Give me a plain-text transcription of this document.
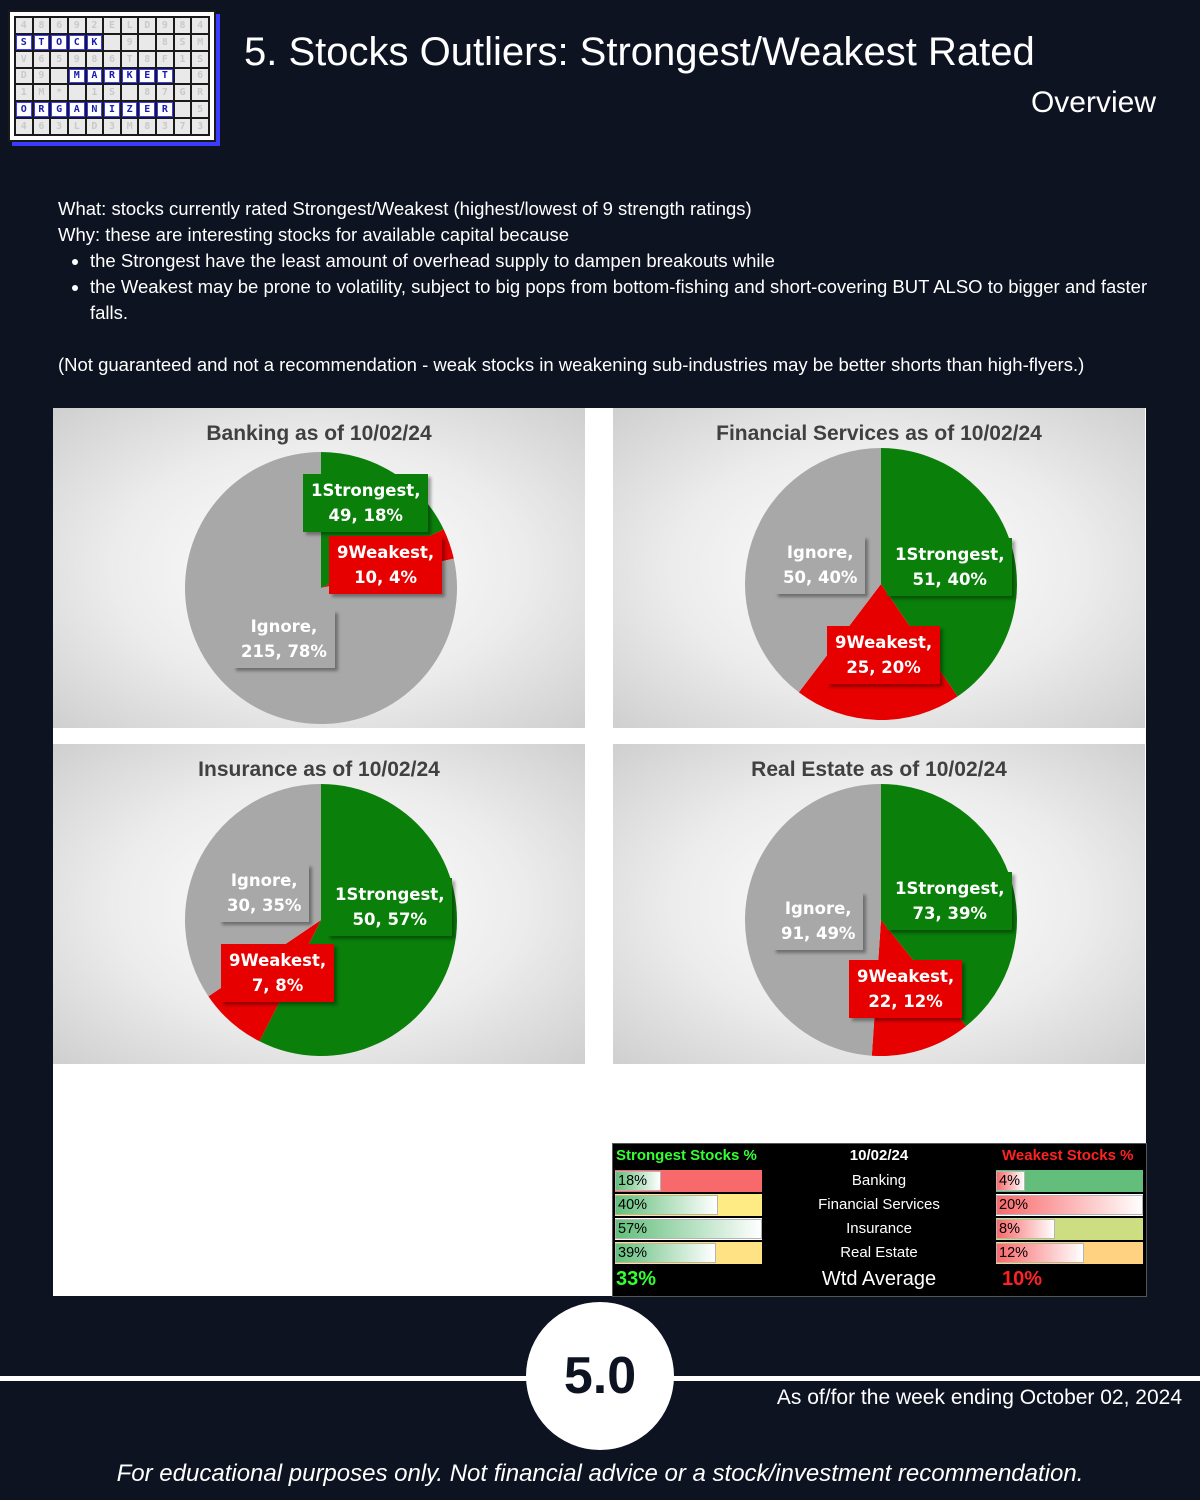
4	8	6	9	2	E	L	D	9	8	4
S	T	O	C	K	9	8	S	M
V	6	5	9	8	6	T	8	F	1	S
D	9	M	A	R	K	E	T	6
1	M	*	1	S	8	7	G	R
O	R	G	A	N	I	Z	E	R	5
4	6	3	L	D	3	M	8	3	7	3
5. Stocks Outliers: Strongest/Weakest Rated
Overview

What: stocks currently rated Strongest/Weakest (highest/lowest of 9 strength ratings)

Why: these are interesting stocks for available capital because

• the Strongest have the least amount of overhead supply to dampen breakouts while
• the Weakest may be prone to volatility, subject to big pops from bottom-fishing and short-covering BUT ALSO to bigger and faster falls.

(Not guaranteed and not a recommendation - weak stocks in weakening sub-industries may be better shorts than high-flyers.)

Banking as of 10/02/24
1Strongest,
49, 18%
9Weakest,
10, 4%
Ignore,
215, 78%
Financial Services as of 10/02/24
1Strongest,
51, 40%
9Weakest,
25, 20%
Ignore,
50, 40%
Insurance as of 10/02/24
1Strongest,
50, 57%
9Weakest,
7, 8%
Ignore,
30, 35%
Real Estate as of 10/02/24
1Strongest,
73, 39%
9Weakest,
22, 12%
Ignore,
91, 49%
Strongest Stocks %	10/02/24	Weakest Stocks %
18%	Banking	4%
40%	Financial Services	20%
57%	Insurance	8%
39%	Real Estate	12%
33%	Wtd Average	10%
5.0	As of/for the week ending October 02, 2024
For educational purposes only. Not financial advice or a stock/investment recommendation.
